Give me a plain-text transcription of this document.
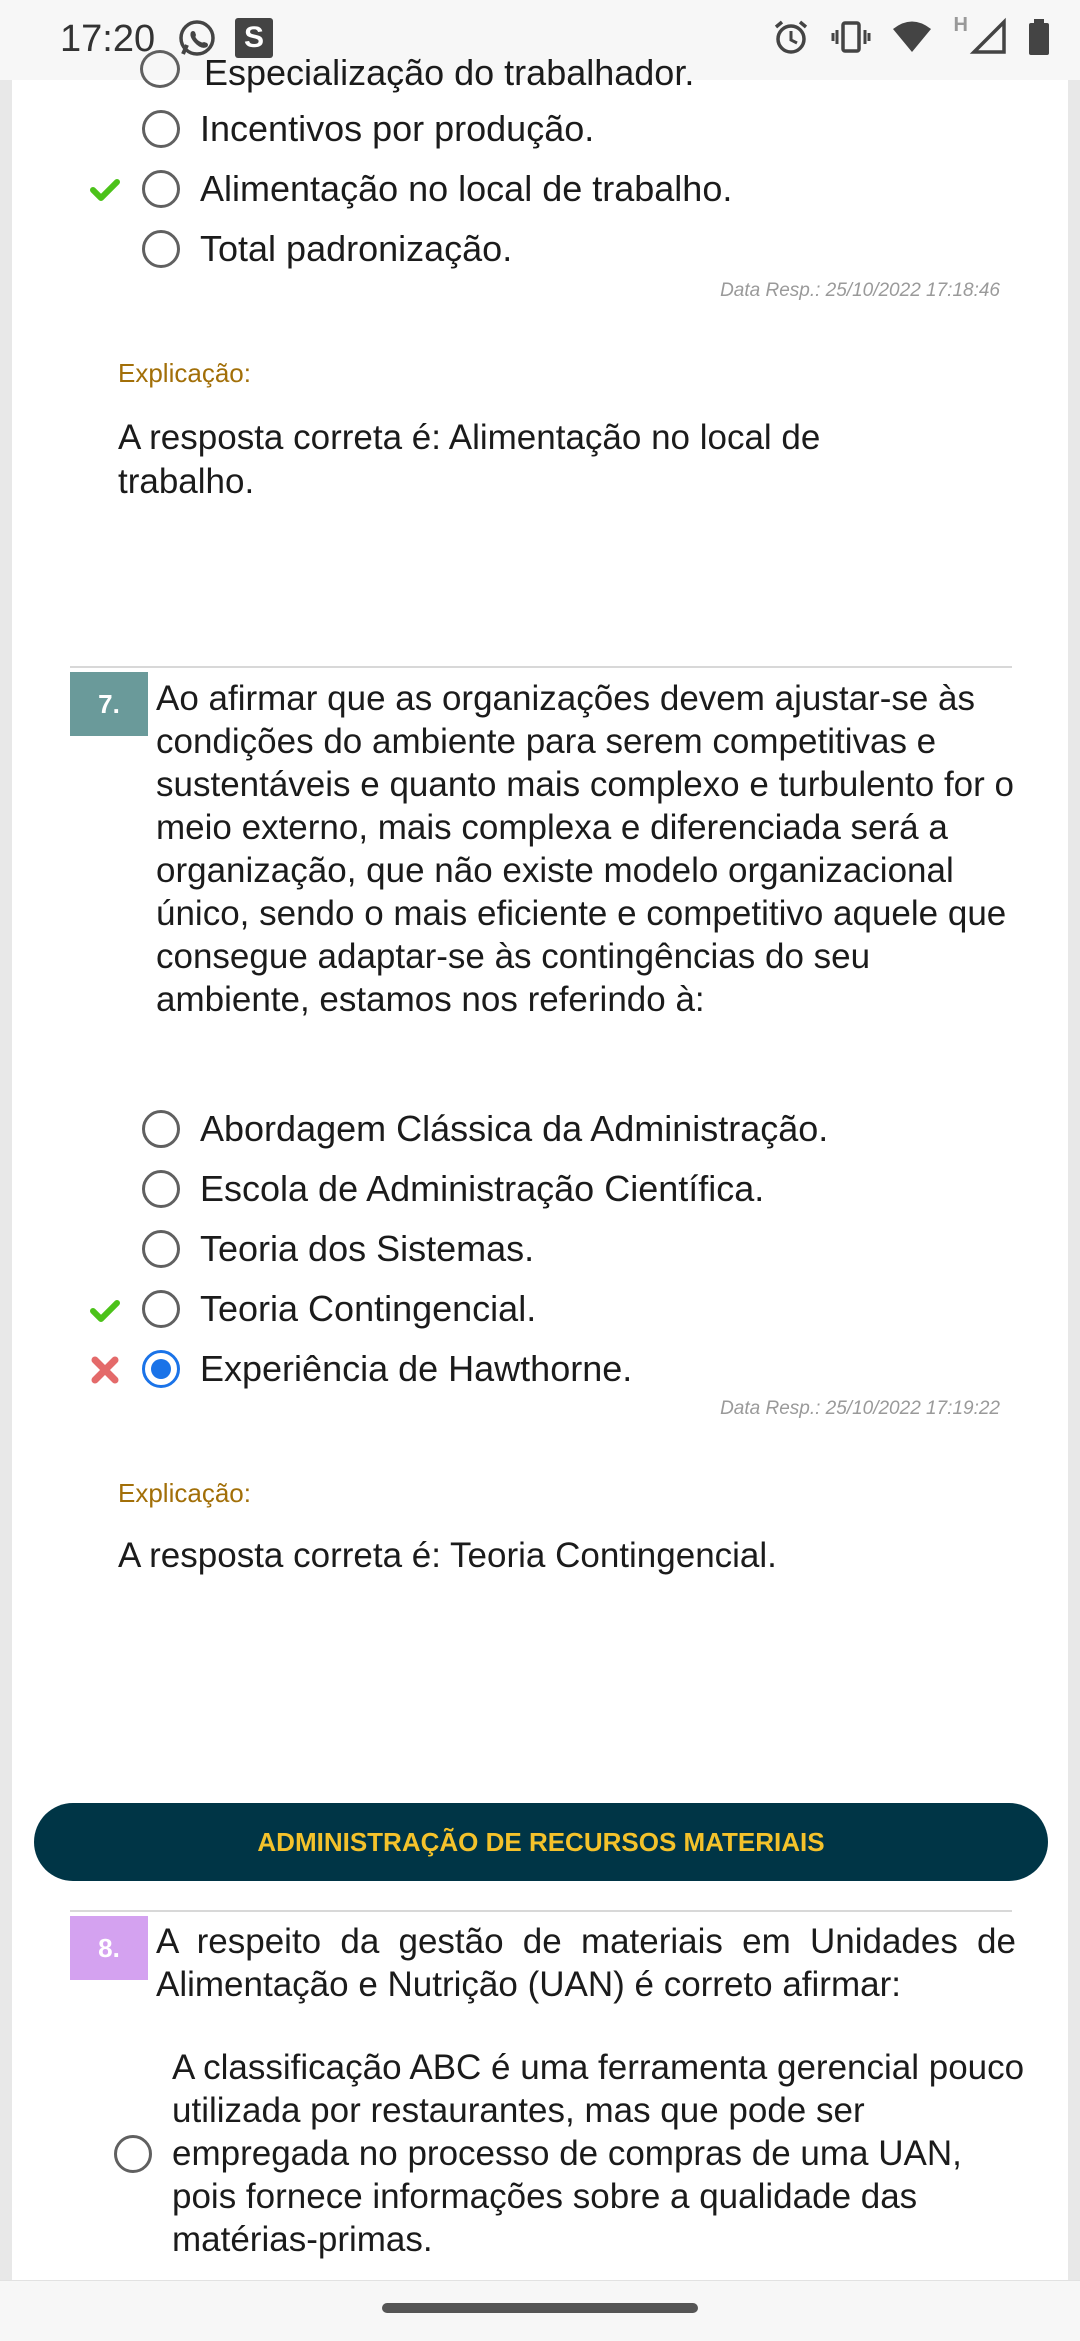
17:20	S	H
Especialização do trabalhador.
Incentivos por produção.
Alimentação no local de trabalho.
Total padronização.
Data Resp.: 25/10/2022 17:18:46
Explicação:
A resposta correta é: Alimentação no local de trabalho.
7.	Ao afirmar que as organizações devem ajustar-se às condições do ambiente para serem competitivas e sustentáveis e quanto mais complexo e turbulento for o meio externo, mais complexa e diferenciada será a organização, que não existe modelo organizacional único, sendo o mais eficiente e competitivo aquele que consegue adaptar-se às contingências do seu ambiente, estamos nos referindo à:
Abordagem Clássica da Administração.
Escola de Administração Científica.
Teoria dos Sistemas.
Teoria Contingencial.
Experiência de Hawthorne.
Data Resp.: 25/10/2022 17:19:22
Explicação:
A resposta correta é: Teoria Contingencial.
ADMINISTRAÇÃO DE RECURSOS MATERIAIS
8.	A respeito da gestão de materiais em Unidades de Alimentação e Nutrição (UAN) é correto afirmar:
A classificação ABC é uma ferramenta gerencial pouco utilizada por restaurantes, mas que pode ser empregada no processo de compras de uma UAN, pois fornece informações sobre a qualidade das matérias-primas.
